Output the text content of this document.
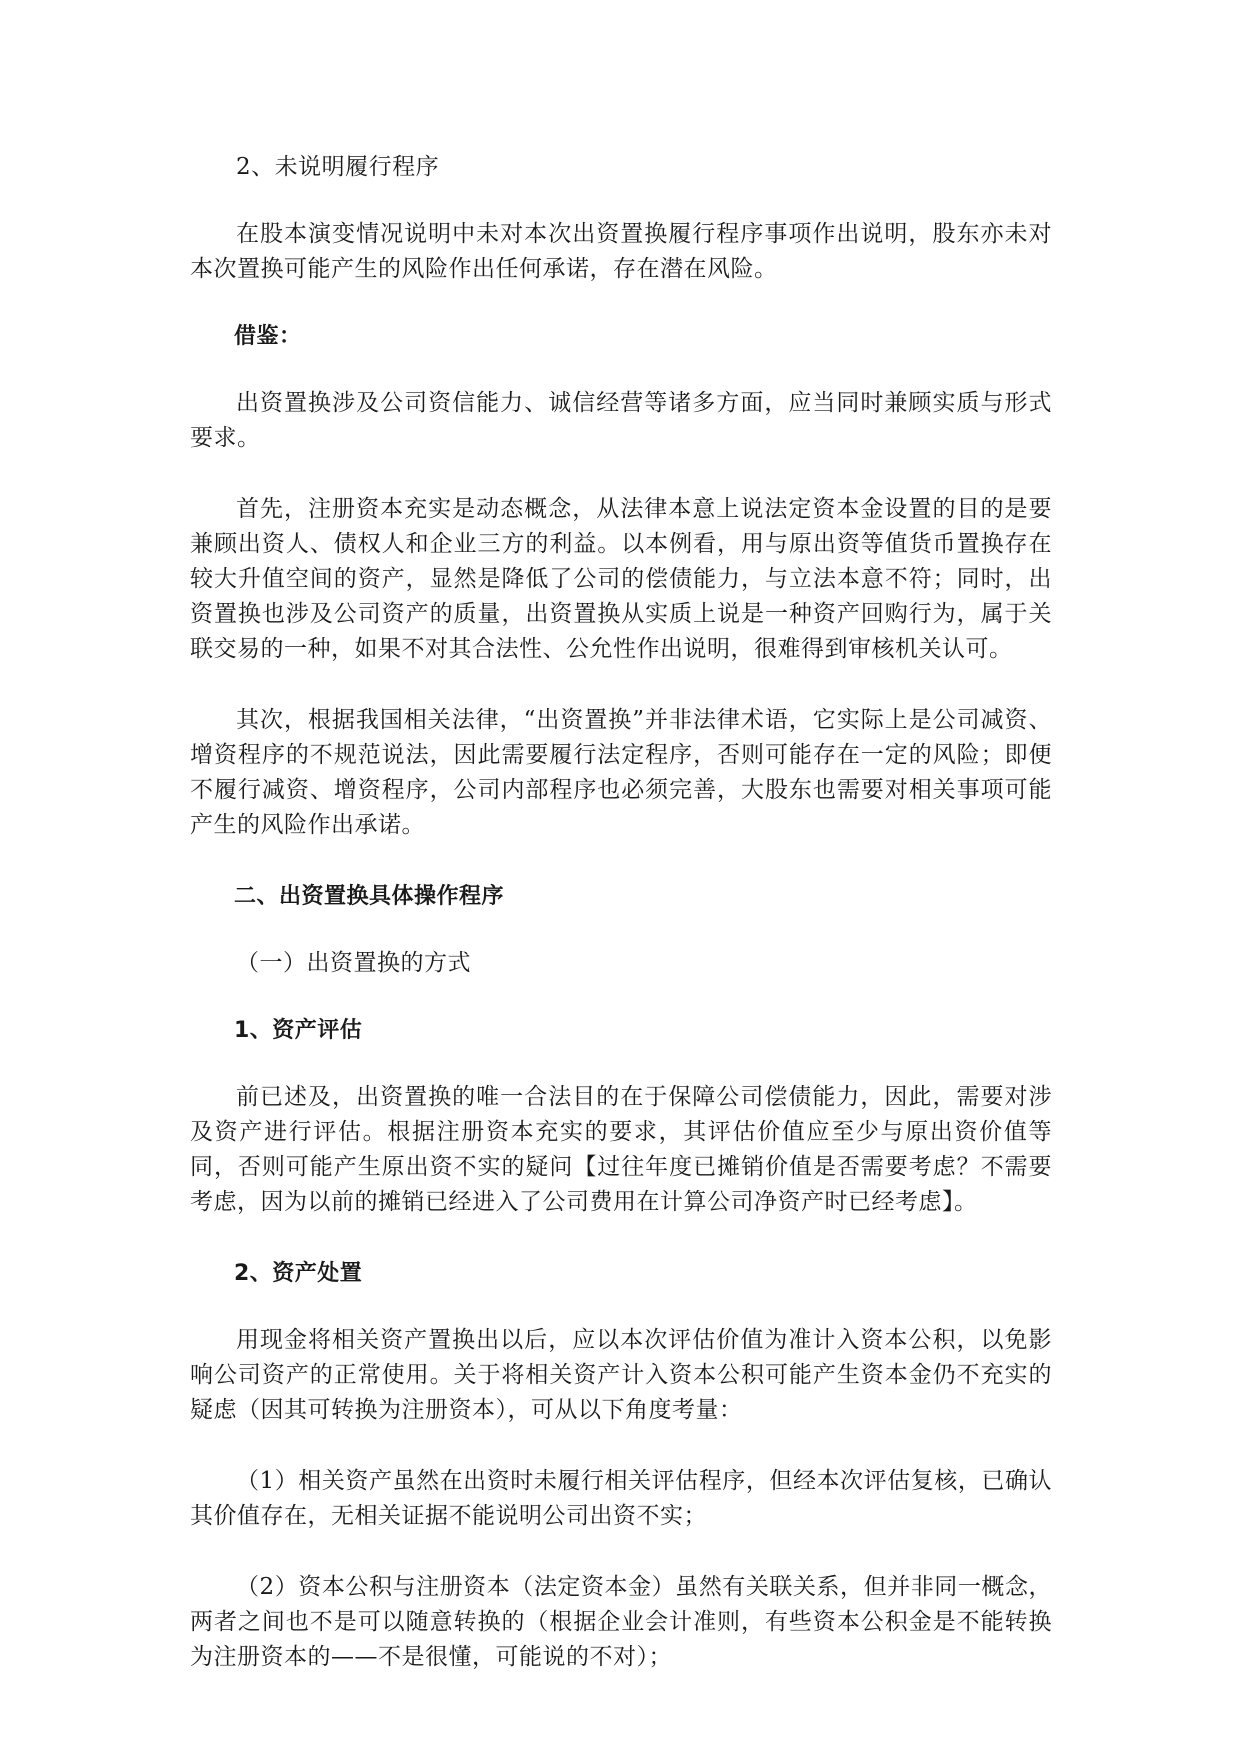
2、未说明履行程序

在股本演变情况说明中未对本次出资置换履行程序事项作出说明，股东亦未对本次置换可能产生的风险作出任何承诺，存在潜在风险。

借鉴：

出资置换涉及公司资信能力、诚信经营等诸多方面，应当同时兼顾实质与形式要求。

首先，注册资本充实是动态概念，从法律本意上说法定资本金设置的目的是要兼顾出资人、债权人和企业三方的利益。以本例看，用与原出资等值货币置换存在较大升值空间的资产，显然是降低了公司的偿债能力，与立法本意不符；同时，出资置换也涉及公司资产的质量，出资置换从实质上说是一种资产回购行为，属于关联交易的一种，如果不对其合法性、公允性作出说明，很难得到审核机关认可。

其次，根据我国相关法律，“出资置换”并非法律术语，它实际上是公司减资、增资程序的不规范说法，因此需要履行法定程序，否则可能存在一定的风险；即便不履行减资、增资程序，公司内部程序也必须完善，大股东也需要对相关事项可能产生的风险作出承诺。

二、出资置换具体操作程序

（一）出资置换的方式

1、资产评估

前已述及，出资置换的唯一合法目的在于保障公司偿债能力，因此，需要对涉及资产进行评估。根据注册资本充实的要求，其评估价值应至少与原出资价值等同，否则可能产生原出资不实的疑问【过往年度已摊销价值是否需要考虑？不需要考虑，因为以前的摊销已经进入了公司费用在计算公司净资产时已经考虑】。

2、资产处置

用现金将相关资产置换出以后，应以本次评估价值为准计入资本公积，以免影响公司资产的正常使用。关于将相关资产计入资本公积可能产生资本金仍不充实的疑虑（因其可转换为注册资本），可从以下角度考量：

（1）相关资产虽然在出资时未履行相关评估程序，但经本次评估复核，已确认其价值存在，无相关证据不能说明公司出资不实；

（2）资本公积与注册资本（法定资本金）虽然有关联关系，但并非同一概念，两者之间也不是可以随意转换的（根据企业会计准则，有些资本公积金是不能转换为注册资本的——不是很懂，可能说的不对）；
